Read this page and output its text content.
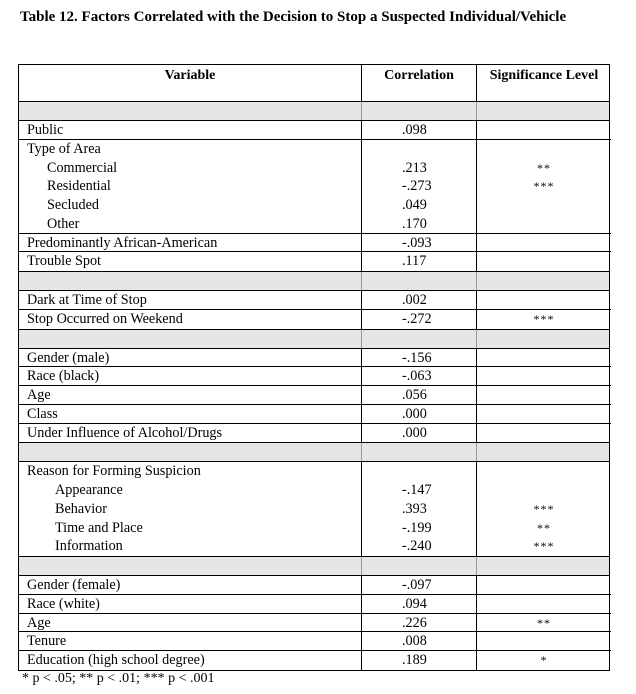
Table 12. Factors Correlated with the Decision to Stop a Suspected Individual/Vehicle
Variable	Correlation	Significance Level
Public	.098
Type of Area
Commercial	.213	**
Residential	-.273	***
Secluded	.049
Other	.170
Predominantly African-American	-.093
Trouble Spot	.117
Dark at Time of Stop	.002
Stop Occurred on Weekend	-.272	***
Gender (male)	-.156
Race (black)	-.063
Age	.056
Class	.000
Under Influence of Alcohol/Drugs	.000
Reason for Forming Suspicion
Appearance	-.147
Behavior	.393	***
Time and Place	-.199	**
Information	-.240	***
Gender (female)	-.097
Race (white)	.094
Age	.226	**
Tenure	.008
Education (high school degree)	.189	*
* p < .05; ** p < .01; *** p < .001
